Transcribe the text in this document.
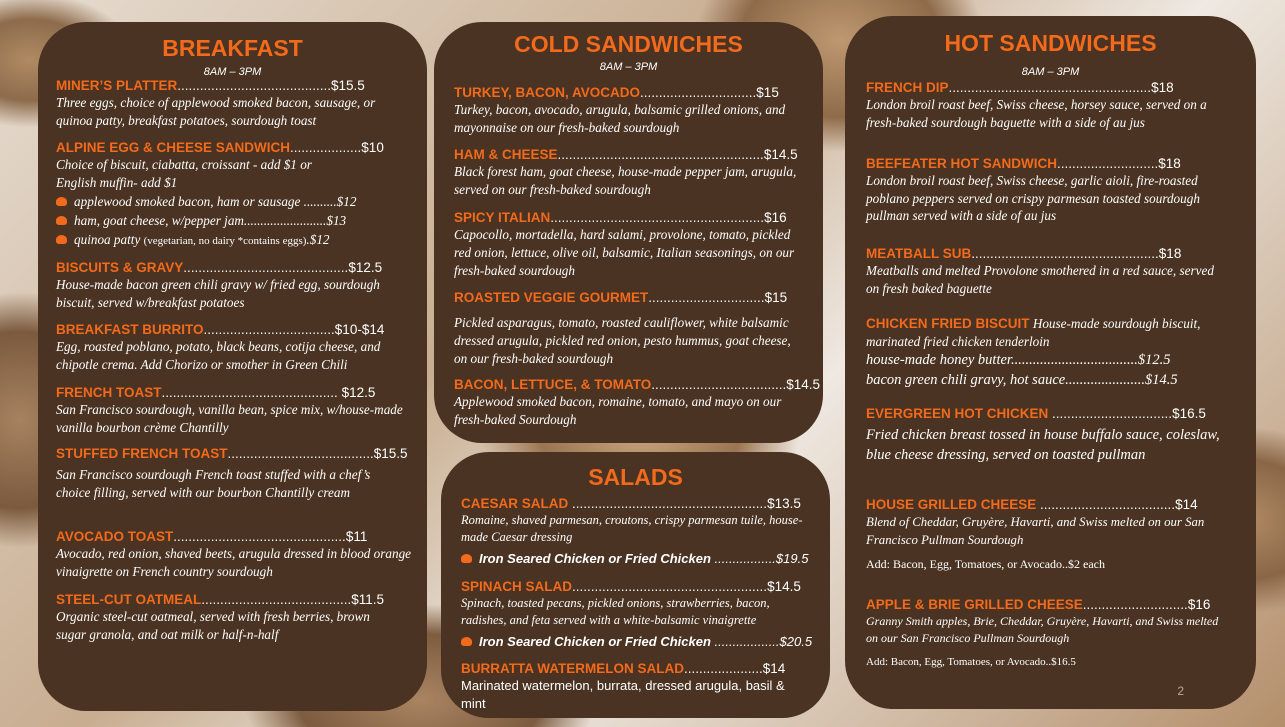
BREAKFAST
8AM – 3PM
MINER’S PLATTER.........................................$15.5
Three eggs, choice of applewood smoked bacon, sausage, or quinoa patty, breakfast potatoes, sourdough toast
ALPINE EGG & CHEESE SANDWICH...................$10
Choice of biscuit, ciabatta, croissant - add $1 or English muffin- add $1
applewood smoked bacon, ham or sausage ..........$12
ham, goat cheese, w/pepper jam.........................$13
quinoa patty (vegetarian, no dairy *contains eggs).$12
BISCUITS & GRAVY............................................$12.5
House-made bacon green chili gravy w/ fried egg, sourdough biscuit, served w/breakfast potatoes
BREAKFAST BURRITO...................................$10-$14
Egg, roasted poblano, potato, black beans, cotija cheese, and chipotle crema. Add Chorizo or smother in Green Chili
FRENCH TOAST............................................... $12.5
San Francisco sourdough, vanilla bean, spice mix, w/house-made vanilla bourbon crème Chantilly
STUFFED FRENCH TOAST.......................................$15.5
San Francisco sourdough French toast stuffed with a chef’s choice filling, served with our bourbon Chantilly cream
AVOCADO TOAST..............................................$11
Avocado, red onion, shaved beets, arugula dressed in blood orange vinaigrette on French country sourdough
STEEL-CUT OATMEAL........................................$11.5
Organic steel-cut oatmeal, served with fresh berries, brown sugar granola, and oat milk or half-n-half
COLD SANDWICHES
8AM – 3PM
TURKEY, BACON, AVOCADO...............................$15
Turkey, bacon, avocado, arugula, balsamic grilled onions, and mayonnaise on our fresh-baked sourdough
HAM & CHEESE.......................................................$14.5
Black forest ham, goat cheese, house-made pepper jam, arugula, served on our fresh-baked sourdough
SPICY ITALIAN.........................................................$16
Capocollo, mortadella, hard salami, provolone, tomato, pickled red onion, lettuce, olive oil, balsamic, Italian seasonings, on our fresh-baked sourdough
ROASTED VEGGIE GOURMET...............................$15
Pickled asparagus, tomato, roasted cauliflower, white balsamic dressed arugula, pickled red onion, pesto hummus, goat cheese, on our fresh-baked sourdough
BACON, LETTUCE, & TOMATO....................................$14.5
Applewood smoked bacon, romaine, tomato, and mayo on our fresh-baked Sourdough
SALADS
CAESAR SALAD ....................................................$13.5
Romaine, shaved parmesan, croutons, crispy parmesan tuile, house-made Caesar dressing
Iron Seared Chicken or Fried Chicken .................$19.5
SPINACH SALAD....................................................$14.5
Spinach, toasted pecans, pickled onions, strawberries, bacon, radishes, and feta served with a white-balsamic vinaigrette
Iron Seared Chicken or Fried Chicken ..................$20.5
BURRATTA WATERMELON SALAD.....................$14
Marinated watermelon, burrata, dressed arugula, basil & mint
HOT SANDWICHES
8AM – 3PM
FRENCH DIP......................................................$18
London broil roast beef, Swiss cheese, horsey sauce, served on a fresh-baked sourdough baguette with a side of au jus
BEEFEATER HOT SANDWICH...........................$18
London broil roast beef, Swiss cheese, garlic aioli, fire-roasted poblano peppers served on crispy parmesan toasted sourdough pullman served with a side of au jus
MEATBALL SUB..................................................$18
Meatballs and melted Provolone smothered in a red sauce, served on fresh baked baguette
CHICKEN FRIED BISCUIT House-made sourdough biscuit,
marinated fried chicken tenderloin
house-made honey butter...................................$12.5
bacon green chili gravy, hot sauce......................$14.5
EVERGREEN HOT CHICKEN ................................$16.5
Fried chicken breast tossed in house buffalo sauce, coleslaw, blue cheese dressing, served on toasted pullman
HOUSE GRILLED CHEESE ....................................$14
Blend of Cheddar, Gruyère, Havarti, and Swiss melted on our San Francisco Pullman Sourdough
Add: Bacon, Egg, Tomatoes, or Avocado..$2 each
APPLE & BRIE GRILLED CHEESE............................$16
Granny Smith apples, Brie, Cheddar, Gruyère, Havarti, and Swiss melted on our San Francisco Pullman Sourdough
Add: Bacon, Egg, Tomatoes, or Avocado..$16.5
2
